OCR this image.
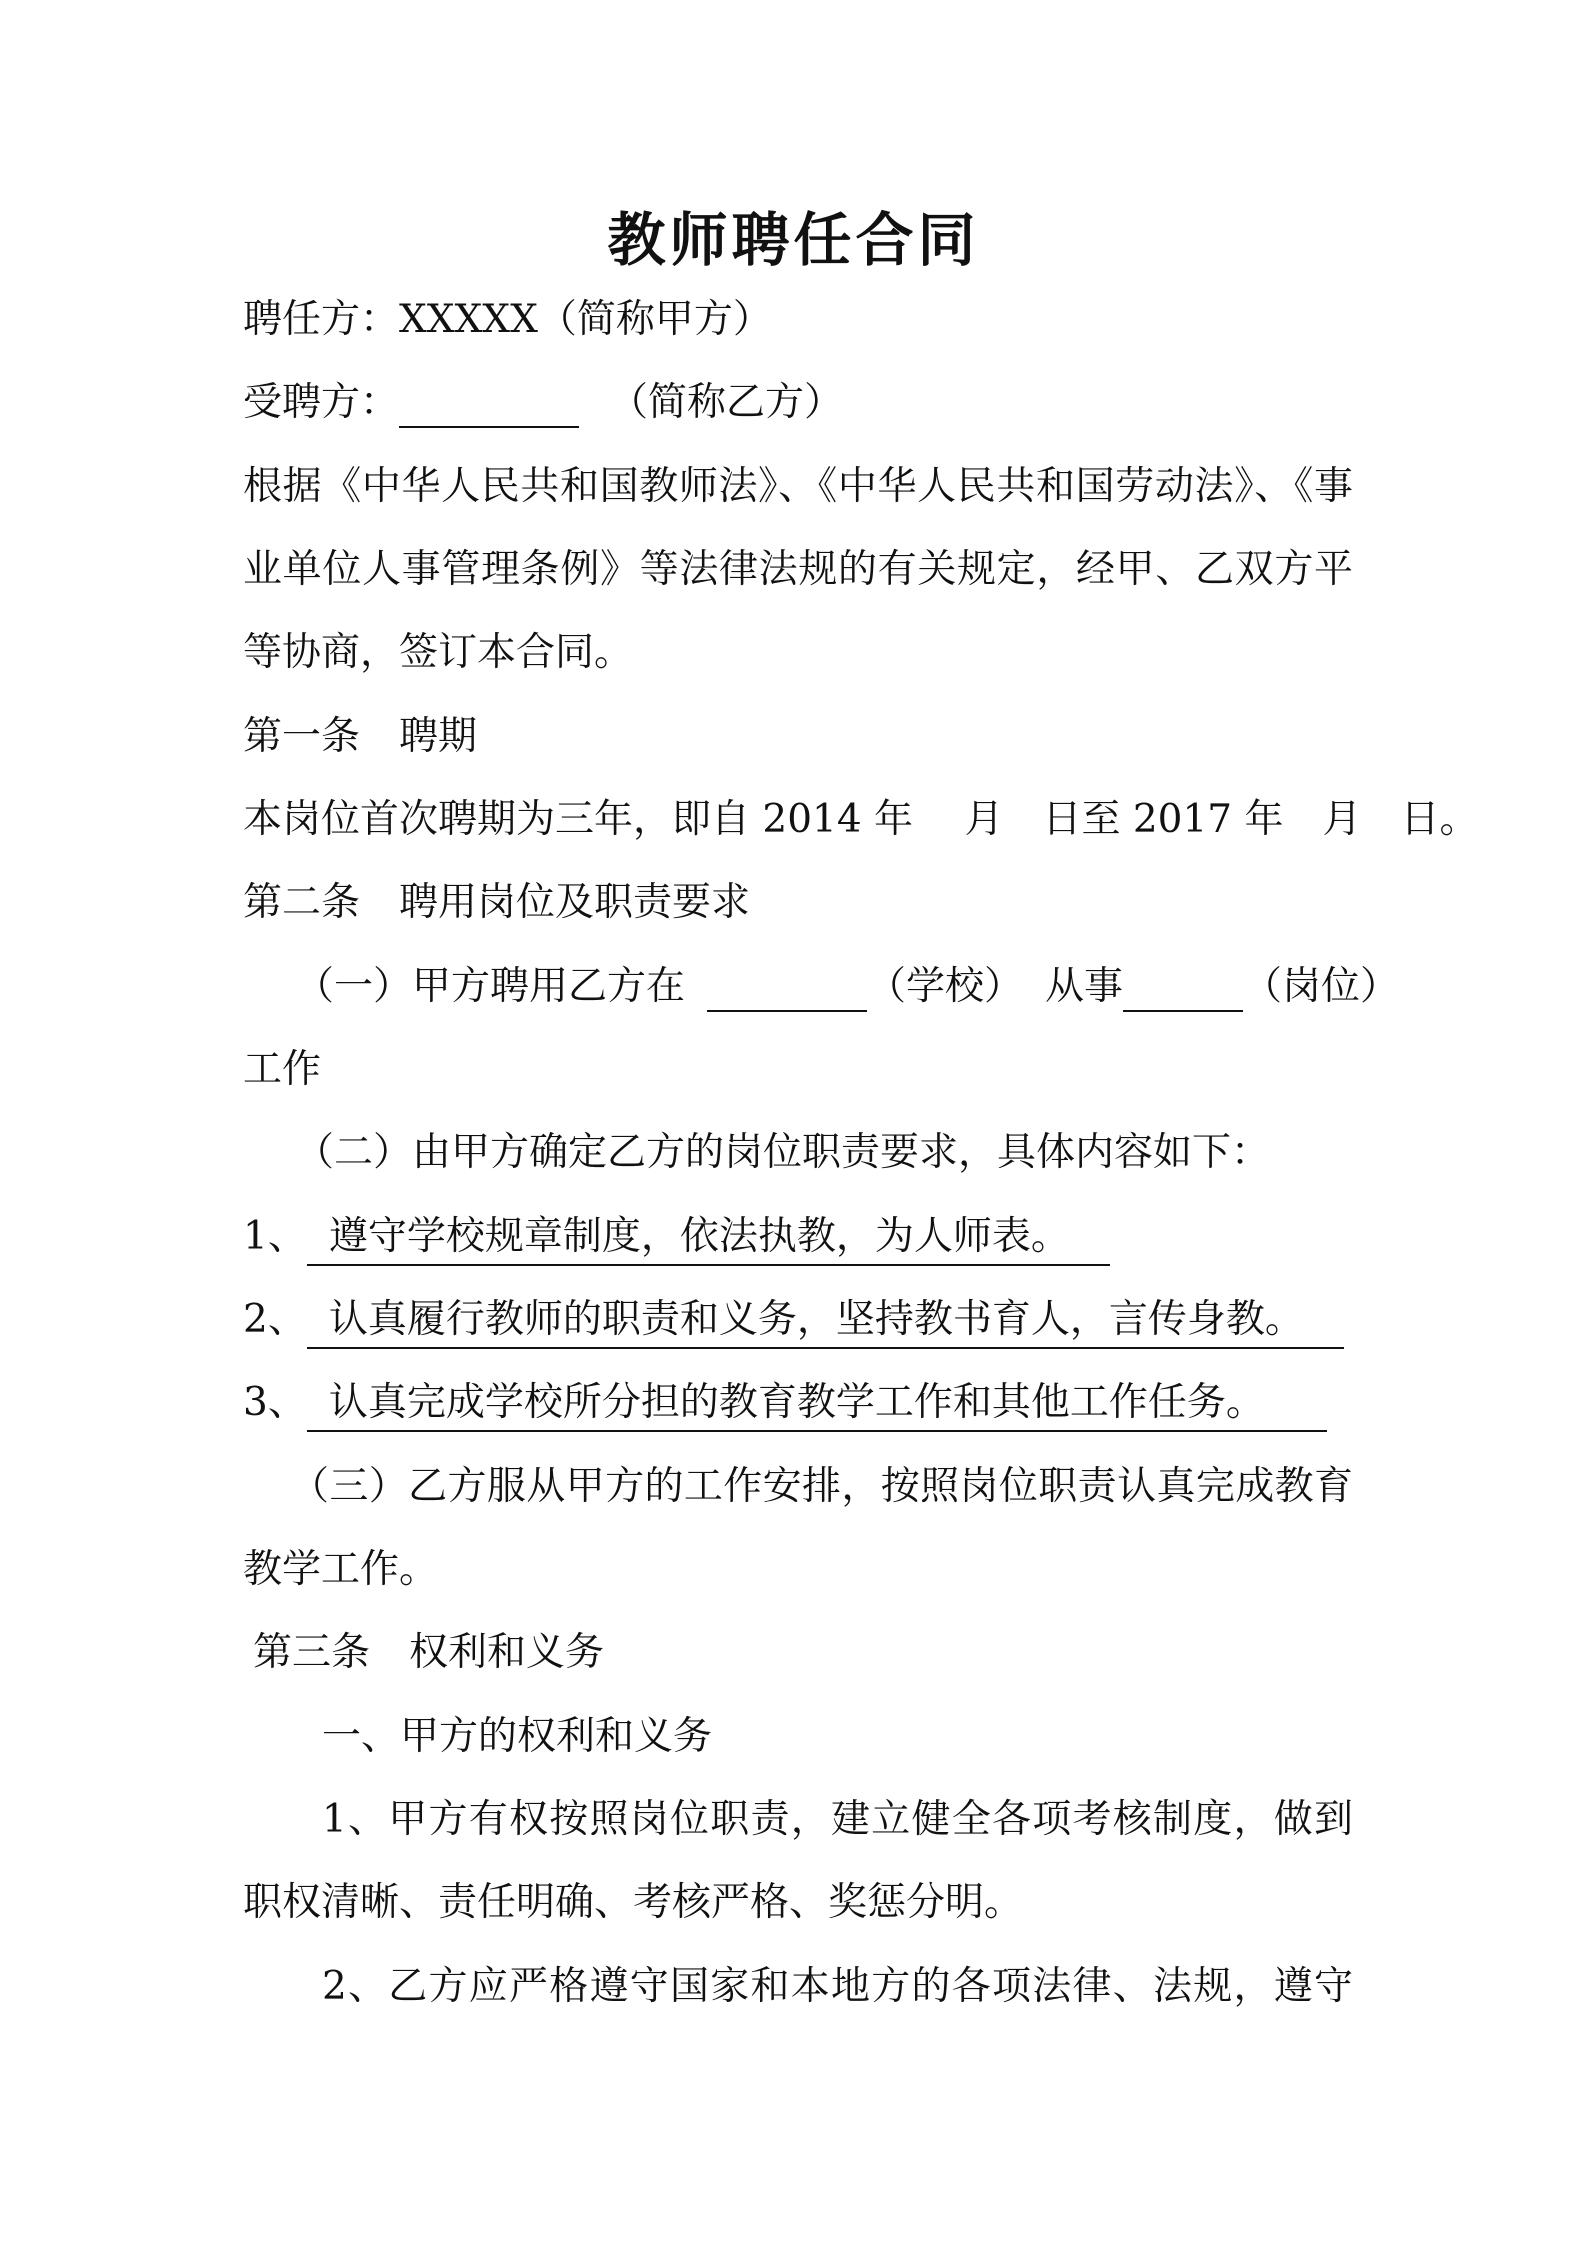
教师聘任合同
聘任方：XXXXX（简称甲方）
受聘方：	（简称乙方）
根据《中华人民共和国教师法》、《中华人民共和国劳动法》、《事
业单位人事管理条例》等法律法规的有关规定，经甲、乙双方平
等协商，签订本合同。
第一条　聘期
本岗位首次聘期为三年，即自 2014 年　 月　日至 2017 年　月　日。
第二条　聘用岗位及职责要求
（一）甲方聘用乙方在	（学校） 从事	（岗位）
工作
（二）由甲方确定乙方的岗位职责要求，具体内容如下：
1、 遵守学校规章制度，依法执教，为人师表。
2、 认真履行教师的职责和义务，坚持教书育人，言传身教。
3、 认真完成学校所分担的教育教学工作和其他工作任务。
（三）乙方服从甲方的工作安排，按照岗位职责认真完成教育
教学工作。
第三条　权利和义务
一、甲方的权利和义务
1、甲方有权按照岗位职责，建立健全各项考核制度，做到
职权清晰、责任明确、考核严格、奖惩分明。
2、乙方应严格遵守国家和本地方的各项法律、法规，遵守
